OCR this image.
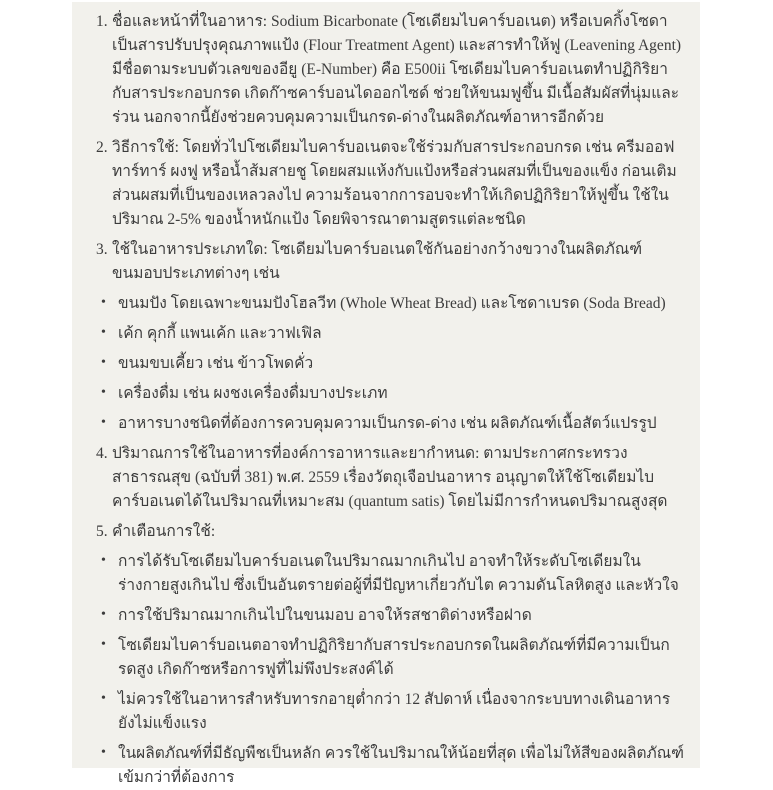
1. ชื่อและหน้าที่ในอาหาร: Sodium Bicarbonate (โซเดียมไบคาร์บอเนต) หรือเบคกิ้งโซดา เป็นสารปรับปรุงคุณภาพแป้ง (Flour Treatment Agent) และสารทำให้ฟู (Leavening Agent) มีชื่อตามระบบตัวเลขของอียู (E-Number) คือ E500ii โซเดียมไบคาร์บอเนตทำปฏิกิริยากับสารประกอบกรด เกิดก๊าซคาร์บอนไดออกไซด์ ช่วยให้ขนมฟูขึ้น มีเนื้อสัมผัสที่นุ่มและร่วน นอกจากนี้ยังช่วยควบคุมความเป็นกรด-ด่างในผลิตภัณฑ์อาหารอีกด้วย
2. วิธีการใช้: โดยทั่วไปโซเดียมไบคาร์บอเนตจะใช้ร่วมกับสารประกอบกรด เช่น ครีมออฟทาร์ทาร์ ผงฟู หรือน้ำส้มสายชู โดยผสมแห้งกับแป้งหรือส่วนผสมที่เป็นของแข็ง ก่อนเติมส่วนผสมที่เป็นของเหลวลงไป ความร้อนจากการอบจะทำให้เกิดปฏิกิริยาให้ฟูขึ้น ใช้ในปริมาณ 2-5% ของน้ำหนักแป้ง โดยพิจารณาตามสูตรแต่ละชนิด
3. ใช้ในอาหารประเภทใด: โซเดียมไบคาร์บอเนตใช้กันอย่างกว้างขวางในผลิตภัณฑ์ขนมอบประเภทต่างๆ เช่น
• ขนมปัง โดยเฉพาะขนมปังโฮลวีท (Whole Wheat Bread) และโซดาเบรด (Soda Bread)
• เค้ก คุกกี้ แพนเค้ก และวาฟเฟิล
• ขนมขบเคี้ยว เช่น ข้าวโพดคั่ว
• เครื่องดื่ม เช่น ผงชงเครื่องดื่มบางประเภท
• อาหารบางชนิดที่ต้องการควบคุมความเป็นกรด-ด่าง เช่น ผลิตภัณฑ์เนื้อสัตว์แปรรูป
4. ปริมาณการใช้ในอาหารที่องค์การอาหารและยากำหนด: ตามประกาศกระทรวงสาธารณสุข (ฉบับที่ 381) พ.ศ. 2559 เรื่องวัตถุเจือปนอาหาร อนุญาตให้ใช้โซเดียมไบคาร์บอเนตได้ในปริมาณที่เหมาะสม (quantum satis) โดยไม่มีการกำหนดปริมาณสูงสุด
5. คำเตือนการใช้:
• การได้รับโซเดียมไบคาร์บอเนตในปริมาณมากเกินไป อาจทำให้ระดับโซเดียมในร่างกายสูงเกินไป ซึ่งเป็นอันตรายต่อผู้ที่มีปัญหาเกี่ยวกับไต ความดันโลหิตสูง และหัวใจ
• การใช้ปริมาณมากเกินไปในขนมอบ อาจให้รสชาติด่างหรือฝาด
• โซเดียมไบคาร์บอเนตอาจทำปฏิกิริยากับสารประกอบกรดในผลิตภัณฑ์ที่มีความเป็นกรดสูง เกิดก๊าซหรือการฟูที่ไม่พึงประสงค์ได้
• ไม่ควรใช้ในอาหารสำหรับทารกอายุต่ำกว่า 12 สัปดาห์ เนื่องจากระบบทางเดินอาหารยังไม่แข็งแรง
• ในผลิตภัณฑ์ที่มีธัญพืชเป็นหลัก ควรใช้ในปริมาณให้น้อยที่สุด เพื่อไม่ให้สีของผลิตภัณฑ์เข้มกว่าที่ต้องการ
